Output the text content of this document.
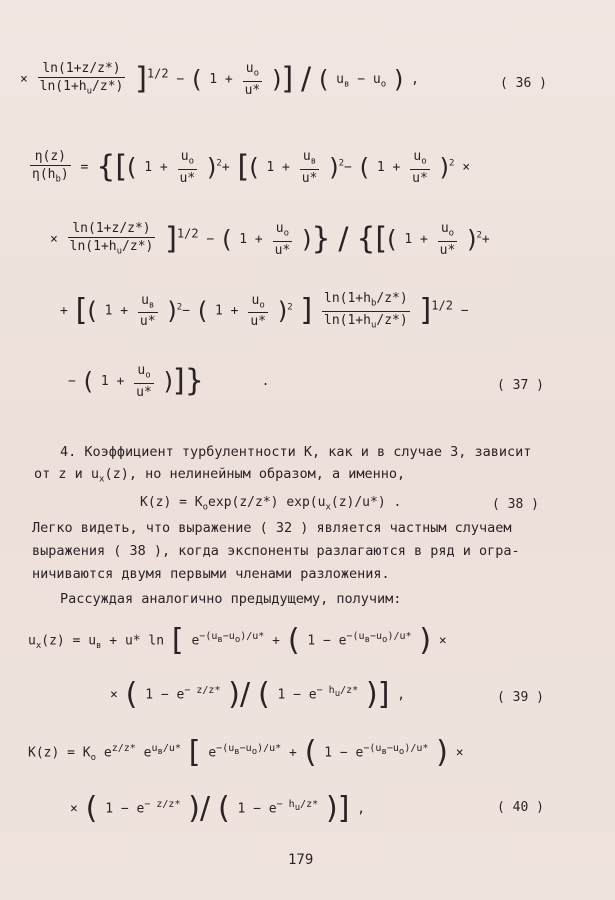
× $\frac{\ln(1+z/z*)}{\ln(1+h_u/z*)} ]^{1/2}$ − ( $1 + \frac{u_o}{u*}$ )] / ( $u_в - u_o$ ) ,	( 36 )
$\frac{\eta(z)}{\eta(h_b)}$ = {[( $1 + \frac{u_o}{u*} )^2+$ [( $1 + \frac{u_в}{u*} )^2-$ ( $1 + \frac{u_o}{u*} )^2$ ×
× $\frac{\ln(1+z/z*)}{\ln(1+h_u/z*)} ]^{1/2}$ − ( $1 + \frac{u_o}{u*}$ )} / {[( $1 + \frac{u_o}{u*} )^2+$
+ [( $1 + \frac{u_в}{u*} )^2-$ ( $1 + \frac{u_o}{u*} )^2$ ] $\frac{\ln(1+h_b/z*)}{\ln(1+h_u/z*)} ]^{1/2}$ −
− ( $1 + \frac{u_o}{u*}$ )]}	.	( 37 )
4. Коэффициент турбулентности К, как и в случае 3, зависит
от z и $u_x(z)$, но нелинейным образом, а именно,
$K(z) = K_o\exp(z/z*)$ $\exp(u_x(z)/u*)$ .	( 38 )
Легко видеть, что выражение ( 32 ) является частным случаем
выражения ( 38 ), когда экспоненты разлагаются в ряд и огра-
ничиваются двумя первыми членами разложения.
Рассуждая аналогично предыдущему, получим:
$u_x(z) = u_в + u*$ ln [ $e^{-(u_в-u_o)/u*}$ + ( $1 - e^{-(u_в-u_o)/u*}$ ) ×
× ( $1 - e^{- z/z*}$ )/ ( $1 - e^{- h_u/z*}$ )] ,	( 39 )
$K(z) = K_o$ $e^{z/z*}$ $e^{u_в/u*}$ [ $e^{-(u_в-u_o)/u*}$ + ( $1 - e^{-(u_в-u_o)/u*}$ ) ×
× ( $1 - e^{- z/z*}$ )/ ( $1 - e^{- h_u/z*}$ )] ,	( 40 )
179
